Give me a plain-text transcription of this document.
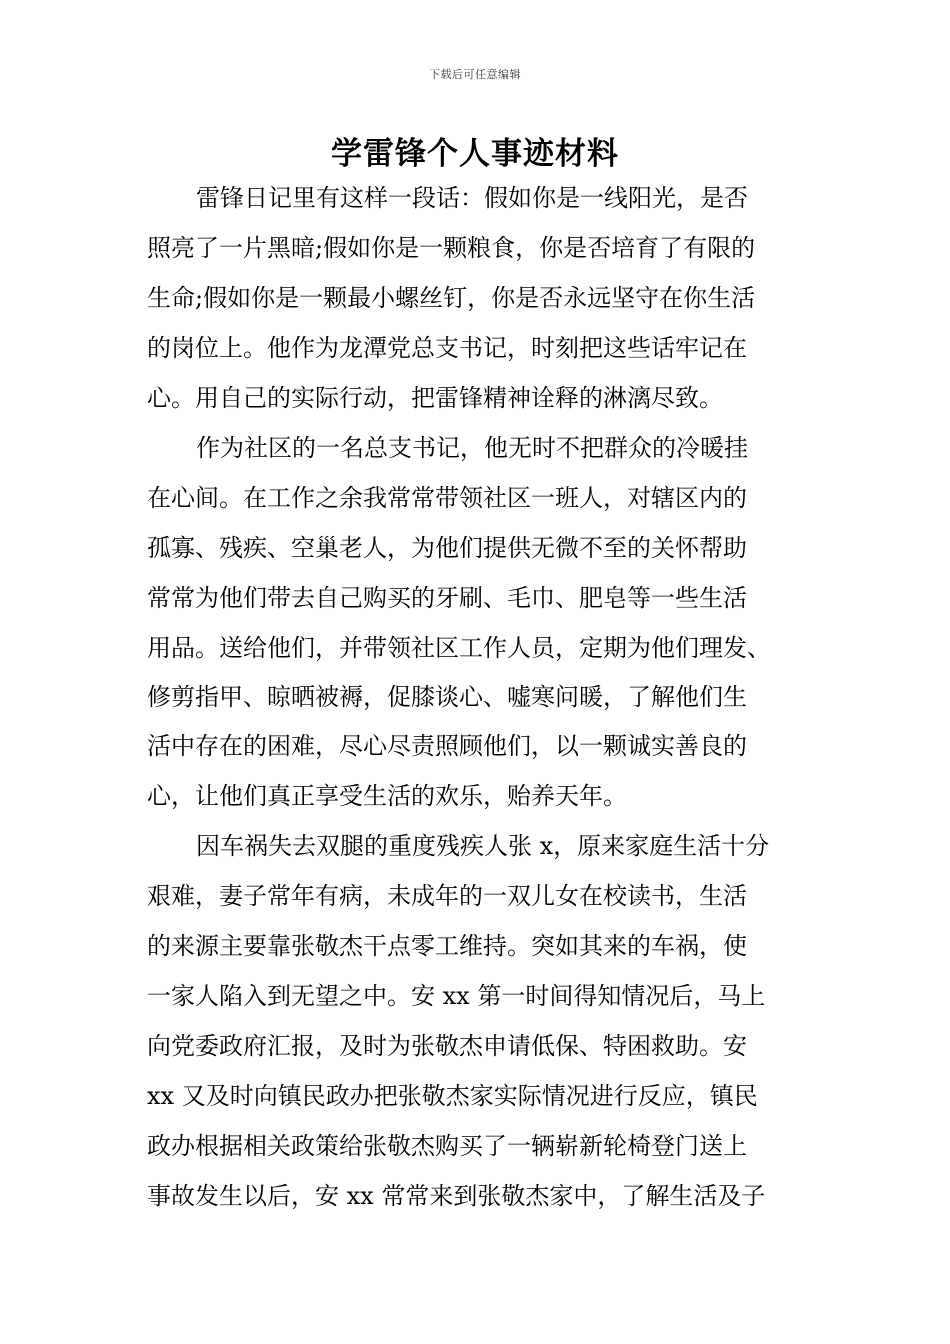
下载后可任意编辑
学雷锋个人事迹材料
雷锋日记里有这样一段话：假如你是一线阳光，是否
照亮了一片黑暗;假如你是一颗粮食，你是否培育了有限的
生命;假如你是一颗最小螺丝钉，你是否永远坚守在你生活
的岗位上。他作为龙潭党总支书记，时刻把这些话牢记在
心。用自己的实际行动，把雷锋精神诠释的淋漓尽致。
作为社区的一名总支书记，他无时不把群众的冷暖挂
在心间。在工作之余我常常带领社区一班人，对辖区内的
孤寡、残疾、空巢老人，为他们提供无微不至的关怀帮助
常常为他们带去自己购买的牙刷、毛巾、肥皂等一些生活
用品。送给他们，并带领社区工作人员，定期为他们理发、
修剪指甲、晾晒被褥，促膝谈心、嘘寒问暖，了解他们生
活中存在的困难，尽心尽责照顾他们，以一颗诚实善良的
心，让他们真正享受生活的欢乐，贻养天年。
因车祸失去双腿的重度残疾人张 x，原来家庭生活十分
艰难，妻子常年有病，未成年的一双儿女在校读书，生活
的来源主要靠张敬杰干点零工维持。突如其来的车祸，使
一家人陷入到无望之中。安 xx 第一时间得知情况后，马上
向党委政府汇报，及时为张敬杰申请低保、特困救助。安
xx 又及时向镇民政办把张敬杰家实际情况进行反应，镇民
政办根据相关政策给张敬杰购买了一辆崭新轮椅登门送上
事故发生以后，安 xx 常常来到张敬杰家中，了解生活及子
